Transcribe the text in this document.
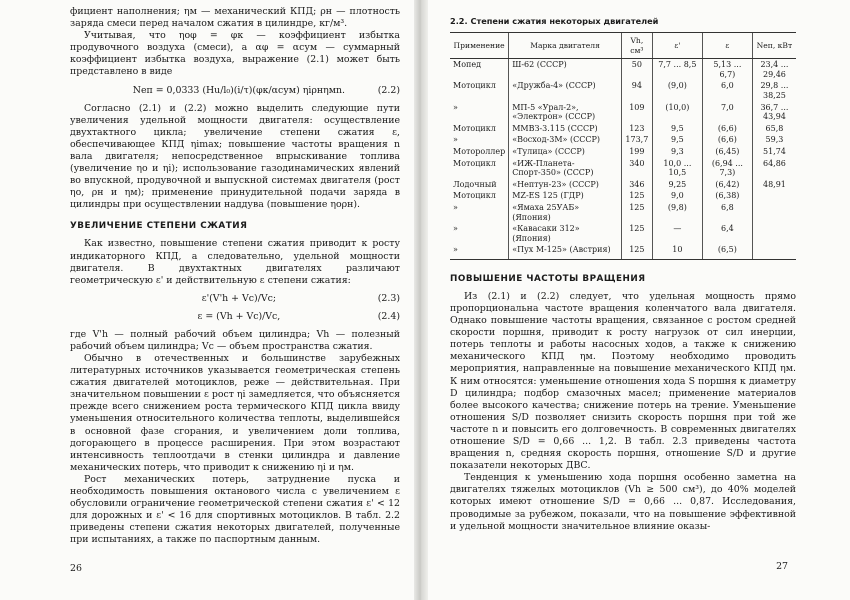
фициент наполнения; ηм — механический КПД; ρн — плотность заряда смеси перед началом сжатия в цилиндре, кг/м³.

Учитывая, что ηоφ = φк — коэффициент избытка продувочного воздуха (смеси), а αφ = αсум — суммарный коэффициент избытка воздуха, выражение (2.1) может быть представлено в виде

Nеп = 0,0333 (Hu/l₀)(i/τ)(φк/αсум) ηiρнηмn.	(2.2)

Согласно (2.1) и (2.2) можно выделить следующие пути увеличения удельной мощности двигателя: осуществление двухтактного цикла; увеличение степени сжатия ε, обеспечивающее КПД ηimax; повышение частоты вращения n вала двигателя; непосредственное впрыскивание топлива (увеличение ηо и ηi); использование газодинамических явлений во впускной, продувочной и выпускной системах двигателя (рост ηо, ρн и ηм); применение принудительной подачи заряда в цилиндры при осуществлении наддува (повышение ηоρн).

УВЕЛИЧЕНИЕ СТЕПЕНИ СЖАТИЯ

Как известно, повышение степени сжатия приводит к росту индикаторного КПД, а следовательно, удельной мощности двигателя. В двухтактных двигателях различают геометрическую ε' и действительную ε степени сжатия:

ε'(V'h + Vc)/Vc;	(2.3)
ε = (Vh + Vc)/Vc,	(2.4)

где V'h — полный рабочий объем цилиндра; Vh — полезный рабочий объем цилиндра; Vc — объем пространства сжатия.

Обычно в отечественных и большинстве зарубежных литературных источников указывается геометрическая степень сжатия двигателей мотоциклов, реже — действительная. При значительном повышении ε рост ηi замедляется, что объясняется прежде всего снижением роста термического КПД цикла ввиду уменьшения относительного количества теплоты, выделившейся в основной фазе сгорания, и увеличением доли топлива, догорающего в процессе расширения. При этом возрастают интенсивность теплоотдачи в стенки цилиндра и давление механических потерь, что приводит к снижению ηi и ηм.

Рост механических потерь, затруднение пуска и необходимость повышения октанового числа с увеличением ε обусловили ограничение геометрической степени сжатия ε' < 12 для дорожных и ε' < 16 для спортивных мотоциклов. В табл. 2.2 приведены степени сжатия некоторых двигателей, полученные при испытаниях, а также по паспортным данным.

26
2.2. Степени сжатия некоторых двигателей
Применение	Марка двигателя	Vh, см³	ε'	ε	Nеп, кВт
Мопед	Ш-62 (СССР)	50	7,7 ... 8,5	5,13 ... 6,7)	23,4 ... 29,46
Мотоцикл	«Дружба-4» (СССР)	94	(9,0)	6,0	29,8 ... 38,25
»	МП-5 «Урал-2», «Электрон» (СССР)	109	(10,0)	7,0	36,7 ... 43,94
Мотоцикл	ММВЗ-3.115 (СССР)	123	9,5	(6,6)	65,8
»	«Восход-3М» (СССР)	173,7	9,5	(6,6)	59,3
Мотороллер	«Тулица» (СССР)	199	9,3	(6,45)	51,74
Мотоцикл	«ИЖ-Планета-Спорт-350» (СССР)	340	10,0 ... 10,5	(6,94 ... 7,3)	64,86
Лодочный	«Нептун-23» (СССР)	346	9,25	(6,42)	48,91
Мотоцикл	MZ-ES 125 (ГДР)	125	9,0	(6,38)	
»	«Ямаха 25УАБ» (Япония)	125	(9,8)	6,8	
»	«Кавасаки 312» (Япония)	125	—	6,4	
»	«Пух М-125» (Австрия)	125	10	(6,5)	
ПОВЫШЕНИЕ ЧАСТОТЫ ВРАЩЕНИЯ

Из (2.1) и (2.2) следует, что удельная мощность прямо пропорциональна частоте вращения коленчатого вала двигателя. Однако повышение частоты вращения, связанное с ростом средней скорости поршня, приводит к росту нагрузок от сил инерции, потерь теплоты и работы насосных ходов, а также к снижению механического КПД ηм. Поэтому необходимо проводить мероприятия, направленные на повышение механического КПД ηм. К ним относятся: уменьшение отношения хода S поршня к диаметру D цилиндра; подбор смазочных масел; применение материалов более высокого качества; снижение потерь на трение. Уменьшение отношения S/D позволяет снизить скорость поршня при той же частоте n и повысить его долговечность. В современных двигателях отношение S/D = 0,66 ... 1,2. В табл. 2.3 приведены частота вращения n, средняя скорость поршня, отношение S/D и другие показатели некоторых ДВС.

Тенденция к уменьшению хода поршня особенно заметна на двигателях тяжелых мотоциклов (Vh ≥ 500 см³), до 40% моделей которых имеют отношение S/D = 0,66 ... 0,87. Исследования, проводимые за рубежом, показали, что на повышение эффективной и удельной мощности значительное влияние оказы-

27
